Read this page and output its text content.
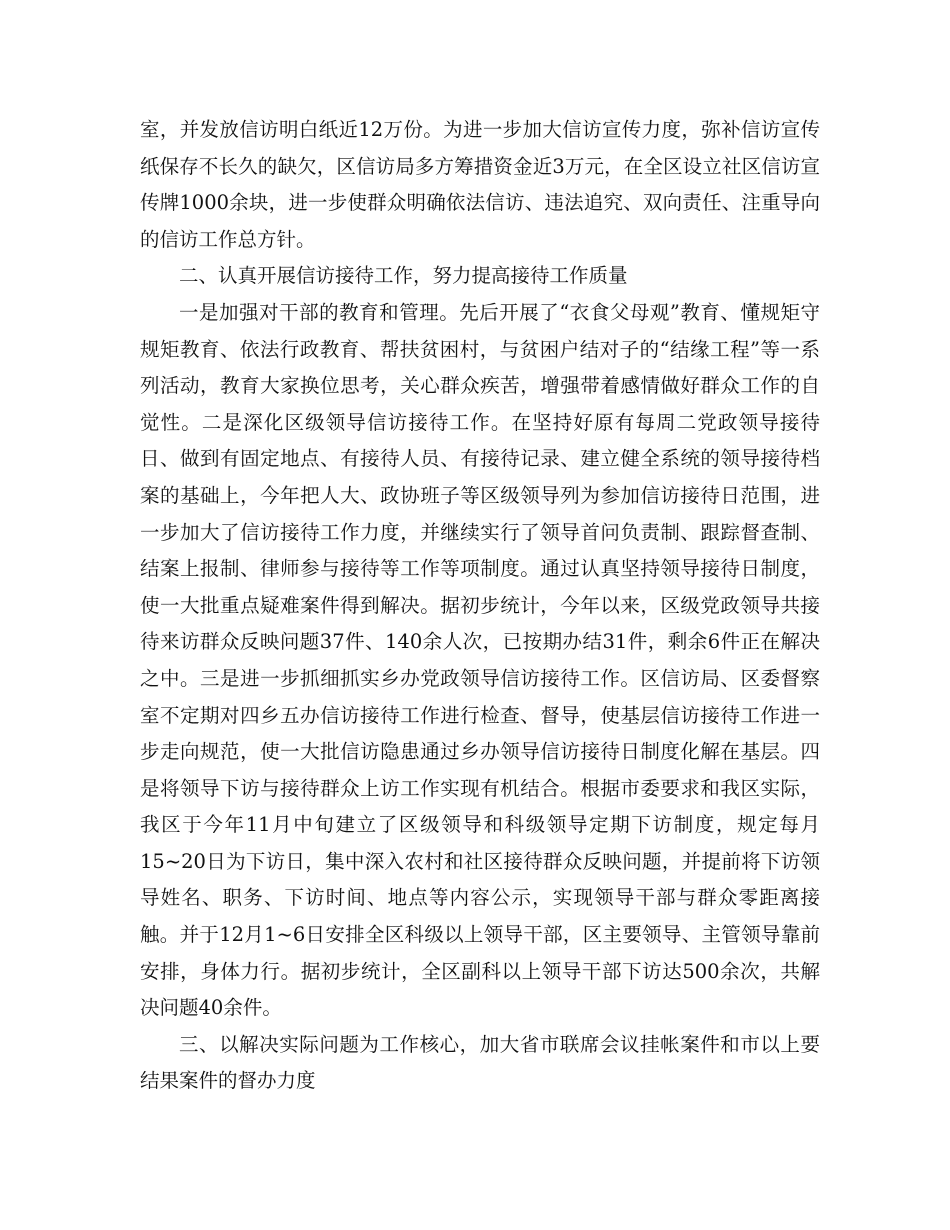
室，并发放信访明白纸近12万份。为进一步加大信访宣传力度，弥补信访宣传纸保存不长久的缺欠，区信访局多方筹措资金近3万元，在全区设立社区信访宣传牌1000余块，进一步使群众明确依法信访、违法追究、双向责任、注重导向的信访工作总方针。

二、认真开展信访接待工作，努力提高接待工作质量

一是加强对干部的教育和管理。先后开展了“衣食父母观”教育、懂规矩守规矩教育、依法行政教育、帮扶贫困村，与贫困户结对子的“结缘工程”等一系列活动，教育大家换位思考，关心群众疾苦，增强带着感情做好群众工作的自觉性。二是深化区级领导信访接待工作。在坚持好原有每周二党政领导接待日、做到有固定地点、有接待人员、有接待记录、建立健全系统的领导接待档案的基础上，今年把人大、政协班子等区级领导列为参加信访接待日范围，进一步加大了信访接待工作力度，并继续实行了领导首问负责制、跟踪督查制、结案上报制、律师参与接待等工作等项制度。通过认真坚持领导接待日制度，使一大批重点疑难案件得到解决。据初步统计，今年以来，区级党政领导共接待来访群众反映问题37件、140余人次，已按期办结31件，剩余6件正在解决之中。三是进一步抓细抓实乡办党政领导信访接待工作。区信访局、区委督察室不定期对四乡五办信访接待工作进行检查、督导，使基层信访接待工作进一步走向规范，使一大批信访隐患通过乡办领导信访接待日制度化解在基层。四是将领导下访与接待群众上访工作实现有机结合。根据市委要求和我区实际，我区于今年11月中旬建立了区级领导和科级领导定期下访制度，规定每月15~20日为下访日，集中深入农村和社区接待群众反映问题，并提前将下访领导姓名、职务、下访时间、地点等内容公示，实现领导干部与群众零距离接触。并于12月1~6日安排全区科级以上领导干部，区主要领导、主管领导靠前安排，身体力行。据初步统计，全区副科以上领导干部下访达500余次，共解决问题40余件。

三、以解决实际问题为工作核心，加大省市联席会议挂帐案件和市以上要结果案件的督办力度
